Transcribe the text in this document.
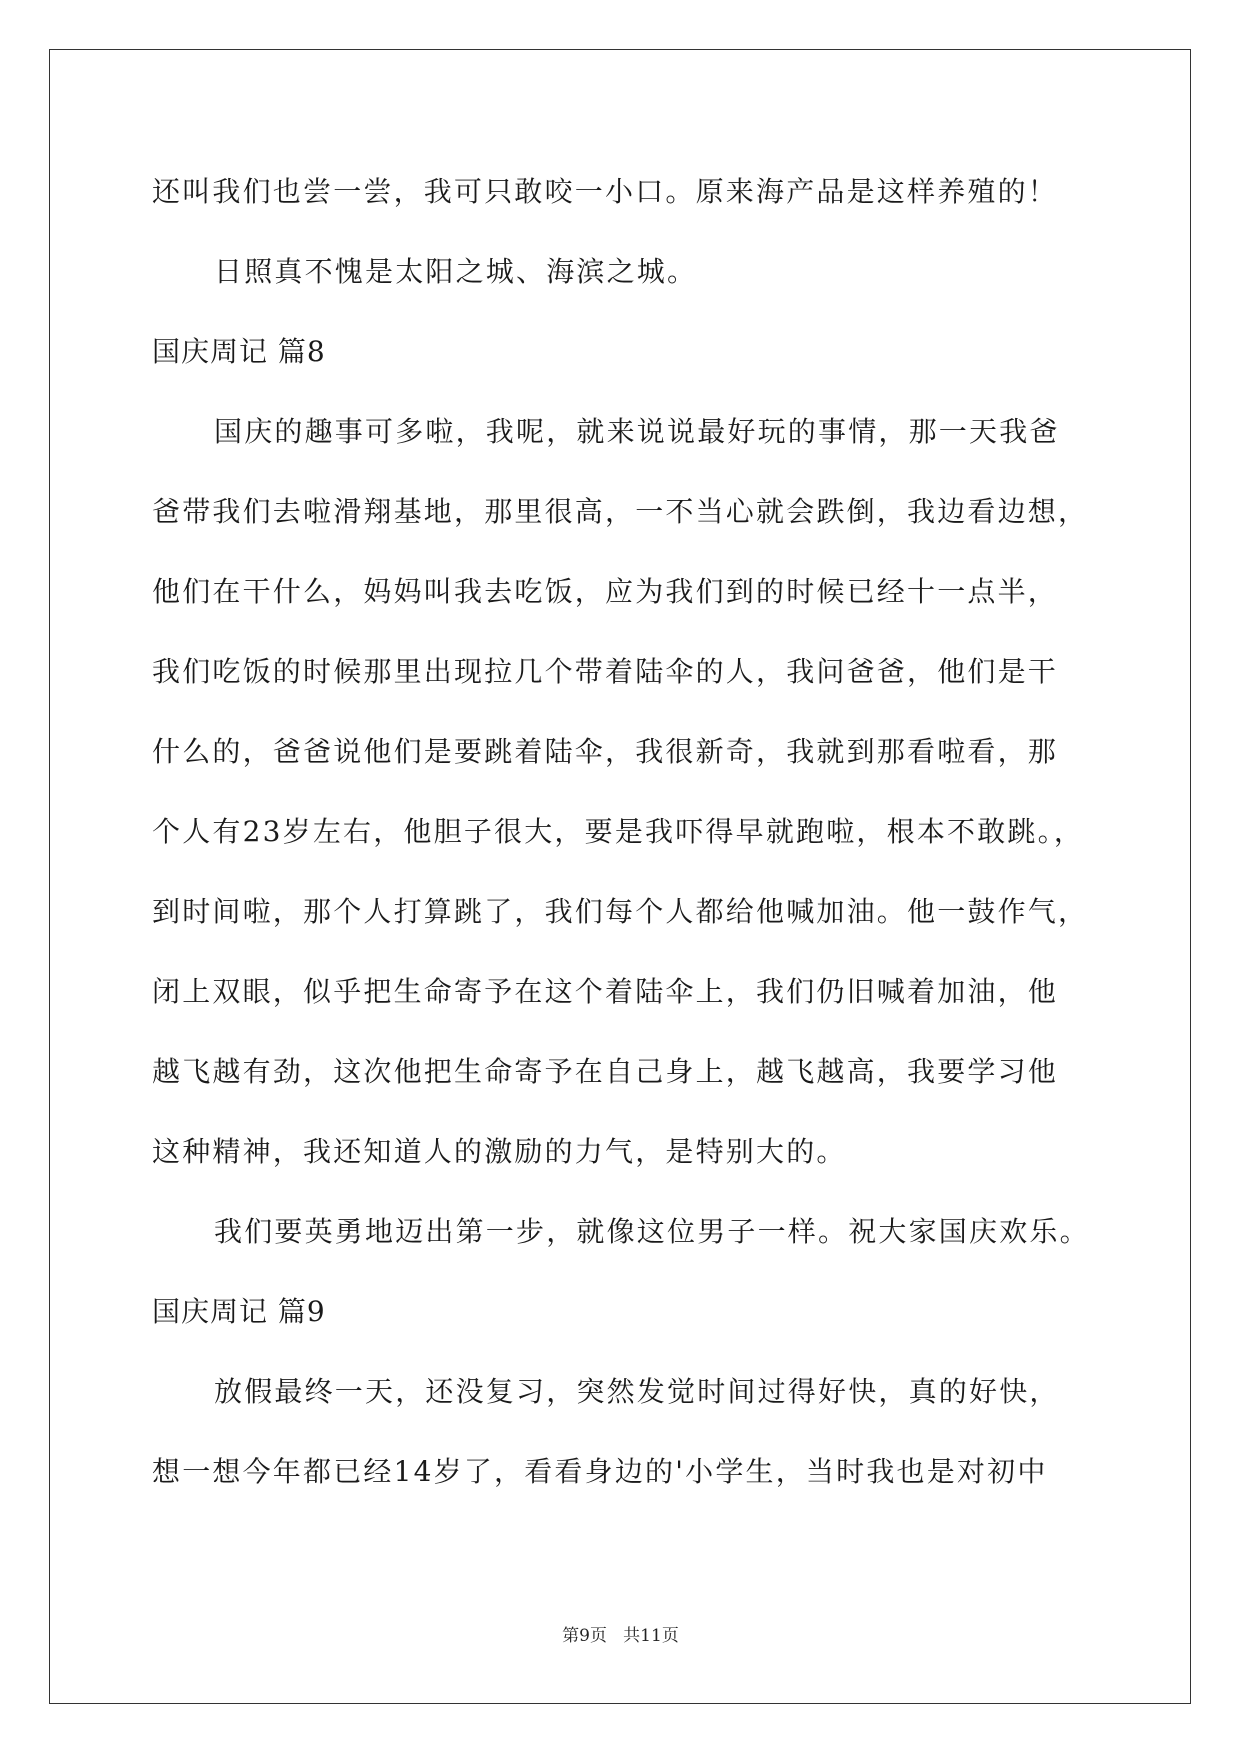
还叫我们也尝一尝，我可只敢咬一小口。原来海产品是这样养殖的！
日照真不愧是太阳之城、海滨之城。
国庆周记 篇8
国庆的趣事可多啦，我呢，就来说说最好玩的事情，那一天我爸
爸带我们去啦滑翔基地，那里很高，一不当心就会跌倒，我边看边想，
他们在干什么，妈妈叫我去吃饭，应为我们到的时候已经十一点半，
我们吃饭的时候那里出现拉几个带着陆伞的人，我问爸爸，他们是干
什么的，爸爸说他们是要跳着陆伞，我很新奇，我就到那看啦看，那
个人有23岁左右，他胆子很大，要是我吓得早就跑啦，根本不敢跳。，
到时间啦，那个人打算跳了，我们每个人都给他喊加油。他一鼓作气，
闭上双眼，似乎把生命寄予在这个着陆伞上，我们仍旧喊着加油，他
越飞越有劲，这次他把生命寄予在自己身上，越飞越高，我要学习他
这种精神，我还知道人的激励的力气，是特别大的。
我们要英勇地迈出第一步，就像这位男子一样。祝大家国庆欢乐。
国庆周记 篇9
放假最终一天，还没复习，突然发觉时间过得好快，真的好快，
想一想今年都已经14岁了，看看身边的'小学生，当时我也是对初中
第9页   共11页
